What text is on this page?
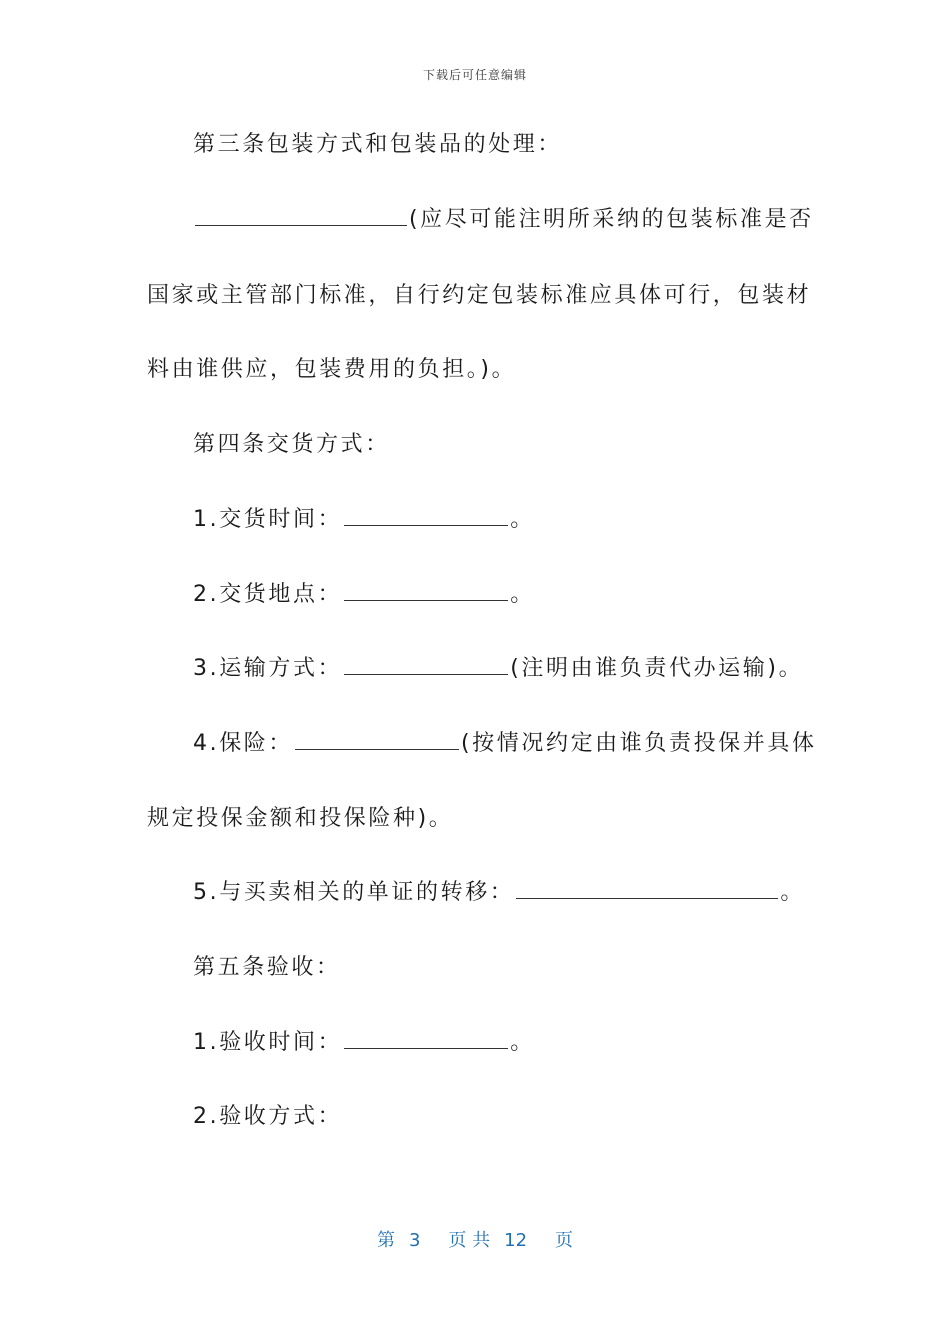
下载后可任意编辑
第三条包装方式和包装品的处理：
(应尽可能注明所采纳的包装标准是否
国家或主管部门标准，自行约定包装标准应具体可行，包装材
料由谁供应，包装费用的负担。)。
第四条交货方式：
1.交货时间：	。
2.交货地点：	。
3.运输方式：	(注明由谁负责代办运输)。
4.保险：	(按情况约定由谁负责投保并具体
规定投保金额和投保险种)。
5.与买卖相关的单证的转移：	。
第五条验收：
1.验收时间：	。
2.验收方式：
第 3 页 共 12 页
